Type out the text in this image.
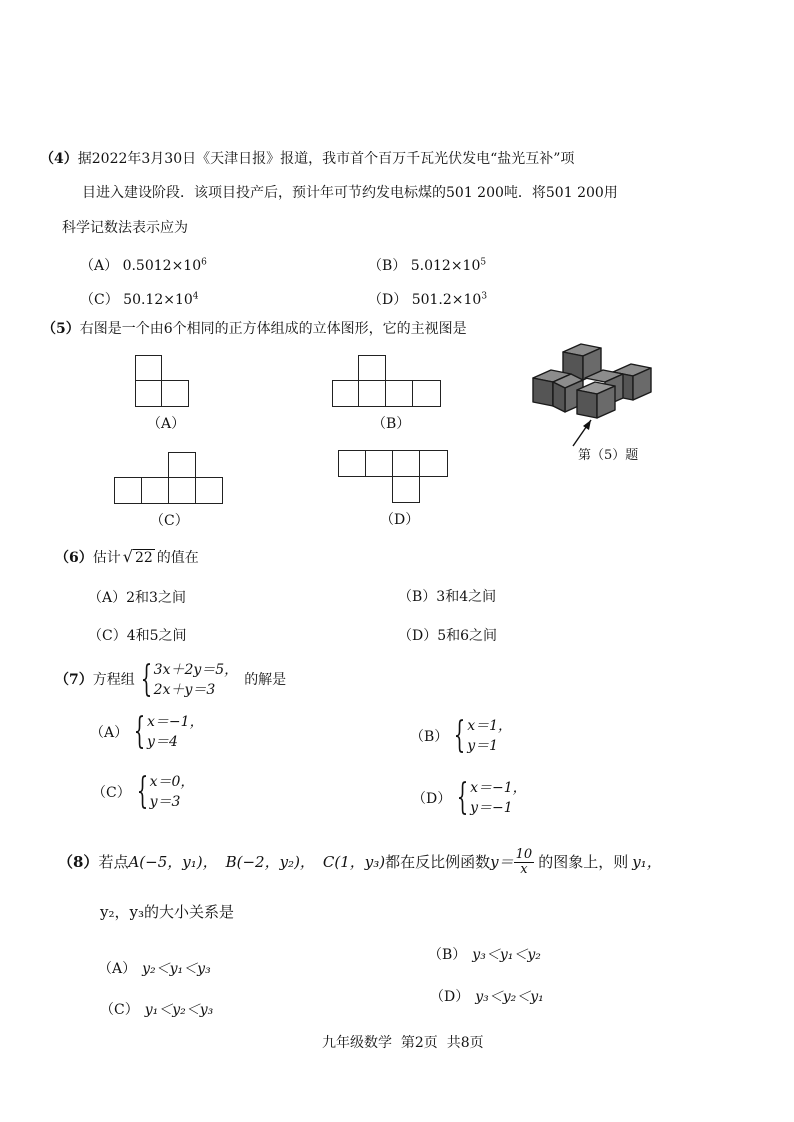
（4）据2022年3月30日《天津日报》报道，我市首个百万千瓦光伏发电“盐光互补”项
目进入建设阶段．该项目投产后，预计年可节约发电标煤的501 200吨．将501 200用
科学记数法表示应为
（A） $0.5012\times 10^6$	（B） $5.012\times 10^5$
（C） $50.12\times 10^4$	（D） $501.2\times 10^3$
（5）右图是一个由6个相同的正方体组成的立体图形，它的主视图是
（A）	（B）
（C）	（D）
第（5）题
（6）估计 √ 22 的值在
（A）2和3之间	（B）3和4之间
（C）4和5之间	（D）5和6之间
（7）方程组 { 3x＋2y＝5，
2x＋y＝3
的解是
（A） { x＝−1，
y＝4	（B） { x＝1，
y＝1
（C） { x＝0，
y＝3	（D） { x＝−1，
y＝−1
（8）若点A(−5，y₁)， B(−2，y₂)， C(1，y₃)都在反比例函数$y= \frac{10}{x}$ 的图象上，则 y₁，
y₂，y₃的大小关系是
（A） y₂＜y₁＜y₃
（B） y₃＜y₁＜y₂
（C） y₁＜y₂＜y₃
（D） y₃＜y₂＜y₁
九年级数学  第2页  共8页
